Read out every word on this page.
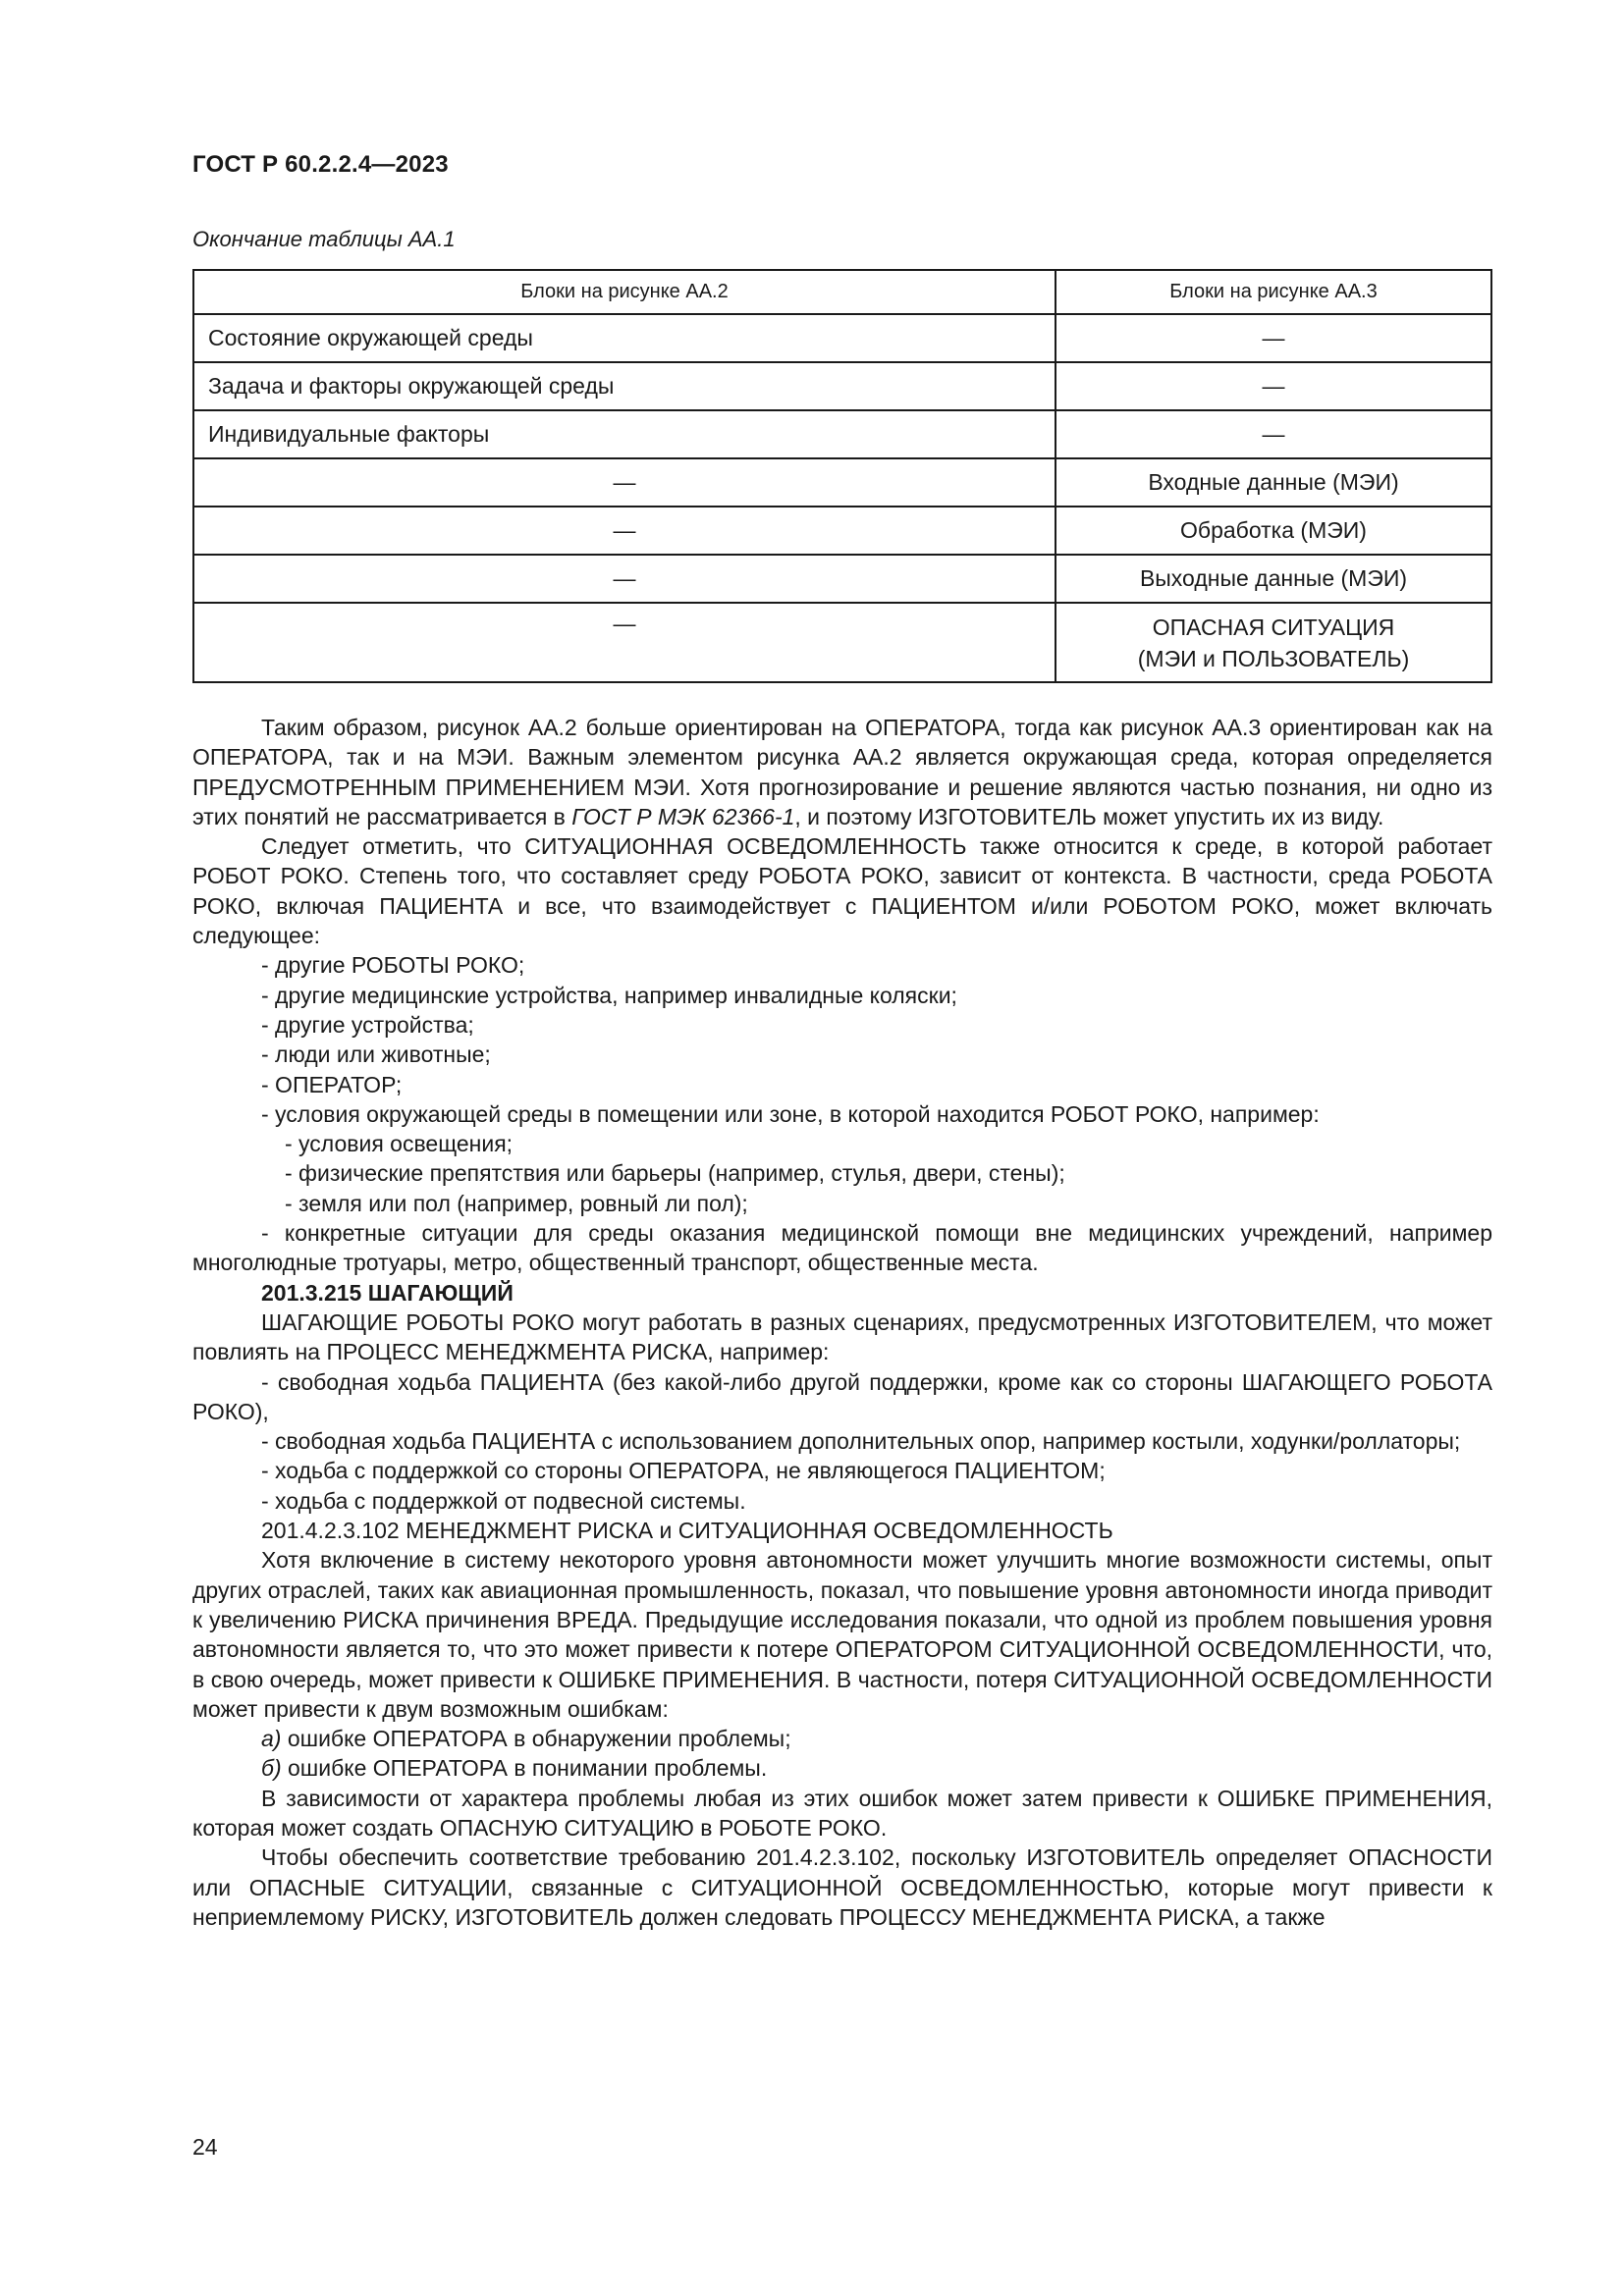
ГОСТ Р 60.2.2.4—2023
Окончание таблицы АА.1
Блоки на рисунке АА.2	Блоки на рисунке АА.3
Состояние окружающей среды	—
Задача и факторы окружающей среды	—
Индивидуальные факторы	—
—	Входные данные (МЭИ)
—	Обработка (МЭИ)
—	Выходные данные (МЭИ)
—	ОПАСНАЯ СИТУАЦИЯ
(МЭИ и ПОЛЬЗОВАТЕЛЬ)

Таким образом, рисунок АА.2 больше ориентирован на ОПЕРАТОРА, тогда как рисунок АА.3 ориентирован как на ОПЕРАТОРА, так и на МЭИ. Важным элементом рисунка АА.2 является окружающая среда, которая определяется ПРЕДУСМОТРЕННЫМ ПРИМЕНЕНИЕМ МЭИ. Хотя прогнозирование и решение являются частью познания, ни одно из этих понятий не рассматривается в ГОСТ Р МЭК 62366-1, и поэтому ИЗГОТОВИТЕЛЬ может упустить их из виду.

Следует отметить, что СИТУАЦИОННАЯ ОСВЕДОМЛЕННОСТЬ также относится к среде, в которой работает РОБОТ РОКО. Степень того, что составляет среду РОБОТА РОКО, зависит от контекста. В частности, среда РОБОТА РОКО, включая ПАЦИЕНТА и все, что взаимодействует с ПАЦИЕНТОМ и/или РОБОТОМ РОКО, может включать следующее:

- другие РОБОТЫ РОКО;

- другие медицинские устройства, например инвалидные коляски;

- другие устройства;

- люди или животные;

- ОПЕРАТОР;

- условия окружающей среды в помещении или зоне, в которой находится РОБОТ РОКО, например:

- условия освещения;

- физические препятствия или барьеры (например, стулья, двери, стены);

- земля или пол (например, ровный ли пол);

- конкретные ситуации для среды оказания медицинской помощи вне медицинских учреждений, например многолюдные тротуары, метро, общественный транспорт, общественные места.

201.3.215 ШАГАЮЩИЙ

ШАГАЮЩИЕ РОБОТЫ РОКО могут работать в разных сценариях, предусмотренных ИЗГОТОВИТЕЛЕМ, что может повлиять на ПРОЦЕСС МЕНЕДЖМЕНТА РИСКА, например:

- свободная ходьба ПАЦИЕНТА (без какой-либо другой поддержки, кроме как со стороны ШАГАЮЩЕГО РОБОТА РОКО),

- свободная ходьба ПАЦИЕНТА с использованием дополнительных опор, например костыли, ходунки/роллаторы;

- ходьба с поддержкой со стороны ОПЕРАТОРА, не являющегося ПАЦИЕНТОМ;

- ходьба с поддержкой от подвесной системы.

201.4.2.3.102 МЕНЕДЖМЕНТ РИСКА и СИТУАЦИОННАЯ ОСВЕДОМЛЕННОСТЬ

Хотя включение в систему некоторого уровня автономности может улучшить многие возможности системы, опыт других отраслей, таких как авиационная промышленность, показал, что повышение уровня автономности иногда приводит к увеличению РИСКА причинения ВРЕДА. Предыдущие исследования показали, что одной из проблем повышения уровня автономности является то, что это может привести к потере ОПЕРАТОРОМ СИТУАЦИОННОЙ ОСВЕДОМЛЕННОСТИ, что, в свою очередь, может привести к ОШИБКЕ ПРИМЕНЕНИЯ. В частности, потеря СИТУАЦИОННОЙ ОСВЕДОМЛЕННОСТИ может привести к двум возможным ошибкам:

а) ошибке ОПЕРАТОРА в обнаружении проблемы;

б) ошибке ОПЕРАТОРА в понимании проблемы.

В зависимости от характера проблемы любая из этих ошибок может затем привести к ОШИБКЕ ПРИМЕНЕНИЯ, которая может создать ОПАСНУЮ СИТУАЦИЮ в РОБОТЕ РОКО.

Чтобы обеспечить соответствие требованию 201.4.2.3.102, поскольку ИЗГОТОВИТЕЛЬ определяет ОПАСНОСТИ или ОПАСНЫЕ СИТУАЦИИ, связанные с СИТУАЦИОННОЙ ОСВЕДОМЛЕННОСТЬЮ, которые могут привести к неприемлемому РИСКУ, ИЗГОТОВИТЕЛЬ должен следовать ПРОЦЕССУ МЕНЕДЖМЕНТА РИСКА, а также

24
